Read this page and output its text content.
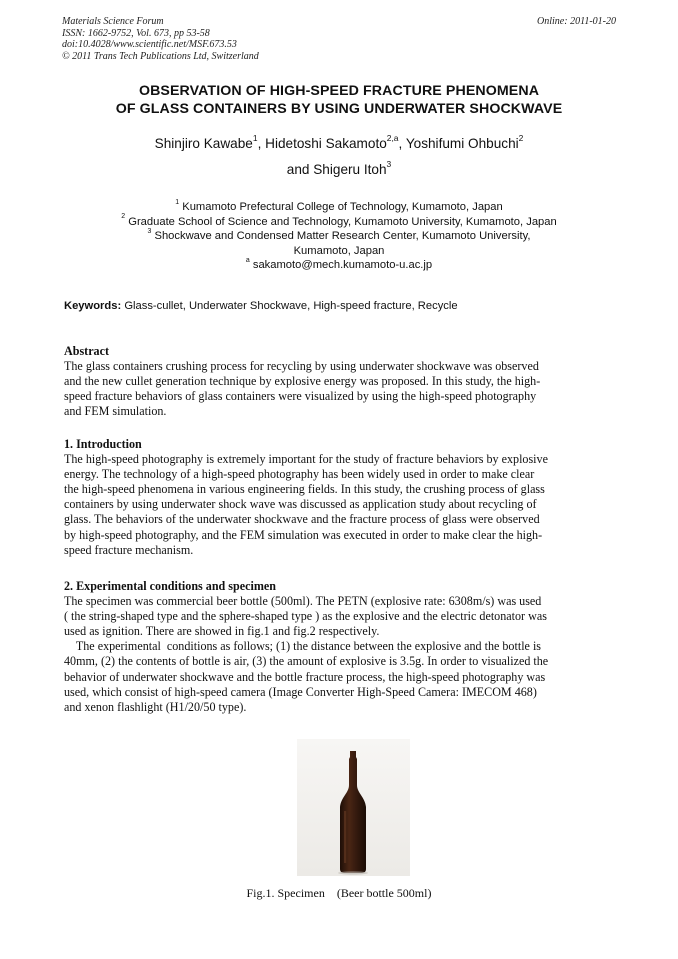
Materials Science Forum
ISSN: 1662-9752, Vol. 673, pp 53-58
doi:10.4028/www.scientific.net/MSF.673.53
© 2011 Trans Tech Publications Ltd, Switzerland
Online: 2011-01-20
OBSERVATION OF HIGH-SPEED FRACTURE PHENOMENA
OF GLASS CONTAINERS BY USING UNDERWATER SHOCKWAVE
Shinjiro Kawabe$^1$, Hidetoshi Sakamoto$^{2,a}$, Yoshifumi Ohbuchi$^2$
and Shigeru Itoh$^3$
$^1$ Kumamoto Prefectural College of Technology, Kumamoto, Japan
$^2$ Graduate School of Science and Technology, Kumamoto University, Kumamoto, Japan
$^3$ Shockwave and Condensed Matter Research Center, Kumamoto University,
Kumamoto, Japan
$^a$ sakamoto@mech.kumamoto-u.ac.jp
Keywords: Glass-cullet, Underwater Shockwave, High-speed fracture, Recycle
Abstract
The glass containers crushing process for recycling by using underwater shockwave was observed
and the new cullet generation technique by explosive energy was proposed. In this study, the high-
speed fracture behaviors of glass containers were visualized by using the high-speed photography
and FEM simulation.
1. Introduction
The high-speed photography is extremely important for the study of fracture behaviors by explosive
energy. The technology of a high-speed photography has been widely used in order to make clear
the high-speed phenomena in various engineering fields. In this study, the crushing process of glass
containers by using underwater shock wave was discussed as application study about recycling of
glass. The behaviors of the underwater shockwave and the fracture process of glass were observed
by high-speed photography, and the FEM simulation was executed in order to make clear the high-
speed fracture mechanism.
2. Experimental conditions and specimen
The specimen was commercial beer bottle (500ml). The PETN (explosive rate: 6308m/s) was used
( the string-shaped type and the sphere-shaped type ) as the explosive and the electric detonator was
used as ignition. There are showed in fig.1 and fig.2 respectively.
The experimental  conditions as follows; (1) the distance between the explosive and the bottle is
40mm, (2) the contents of bottle is air, (3) the amount of explosive is 3.5g. In order to visualized the
behavior of underwater shockwave and the bottle fracture process, the high-speed photography was
used, which consist of high-speed camera (Image Converter High-Speed Camera: IMECOM 468)
and xenon flashlight (H1/20/50 type).
Fig.1. Specimen　(Beer bottle 500ml)
